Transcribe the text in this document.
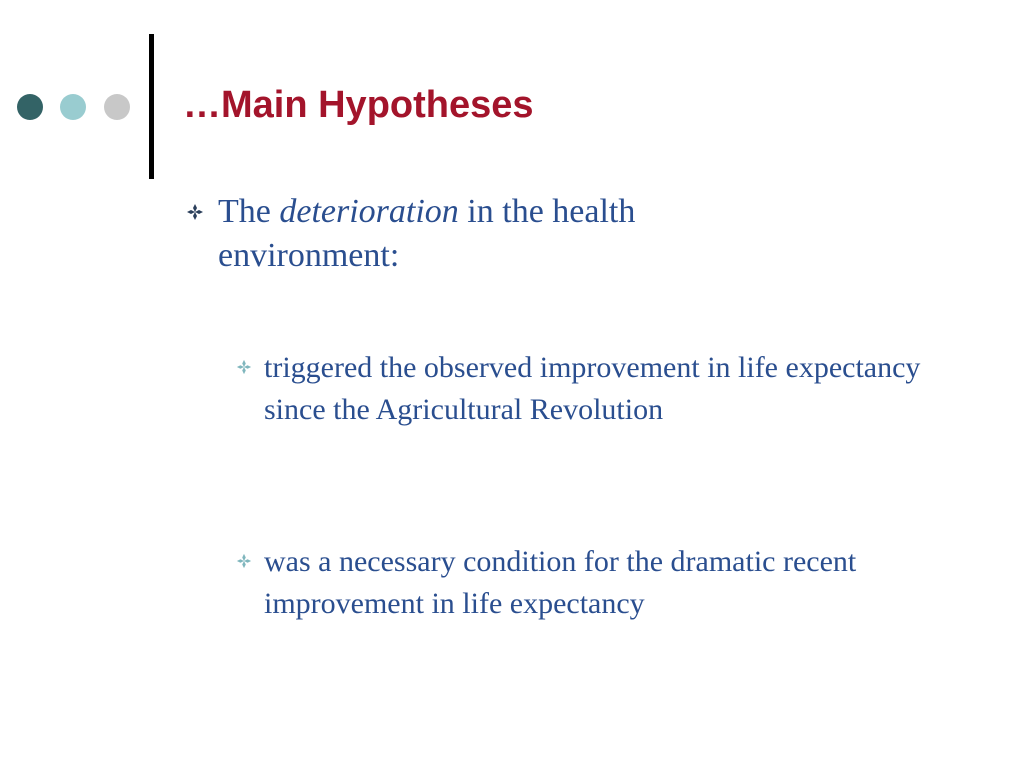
…Main Hypotheses

The deterioration in the health environment:

triggered the observed improvement in life expectancy since the Agricultural Revolution

was a necessary condition for the dramatic recent improvement in life expectancy
